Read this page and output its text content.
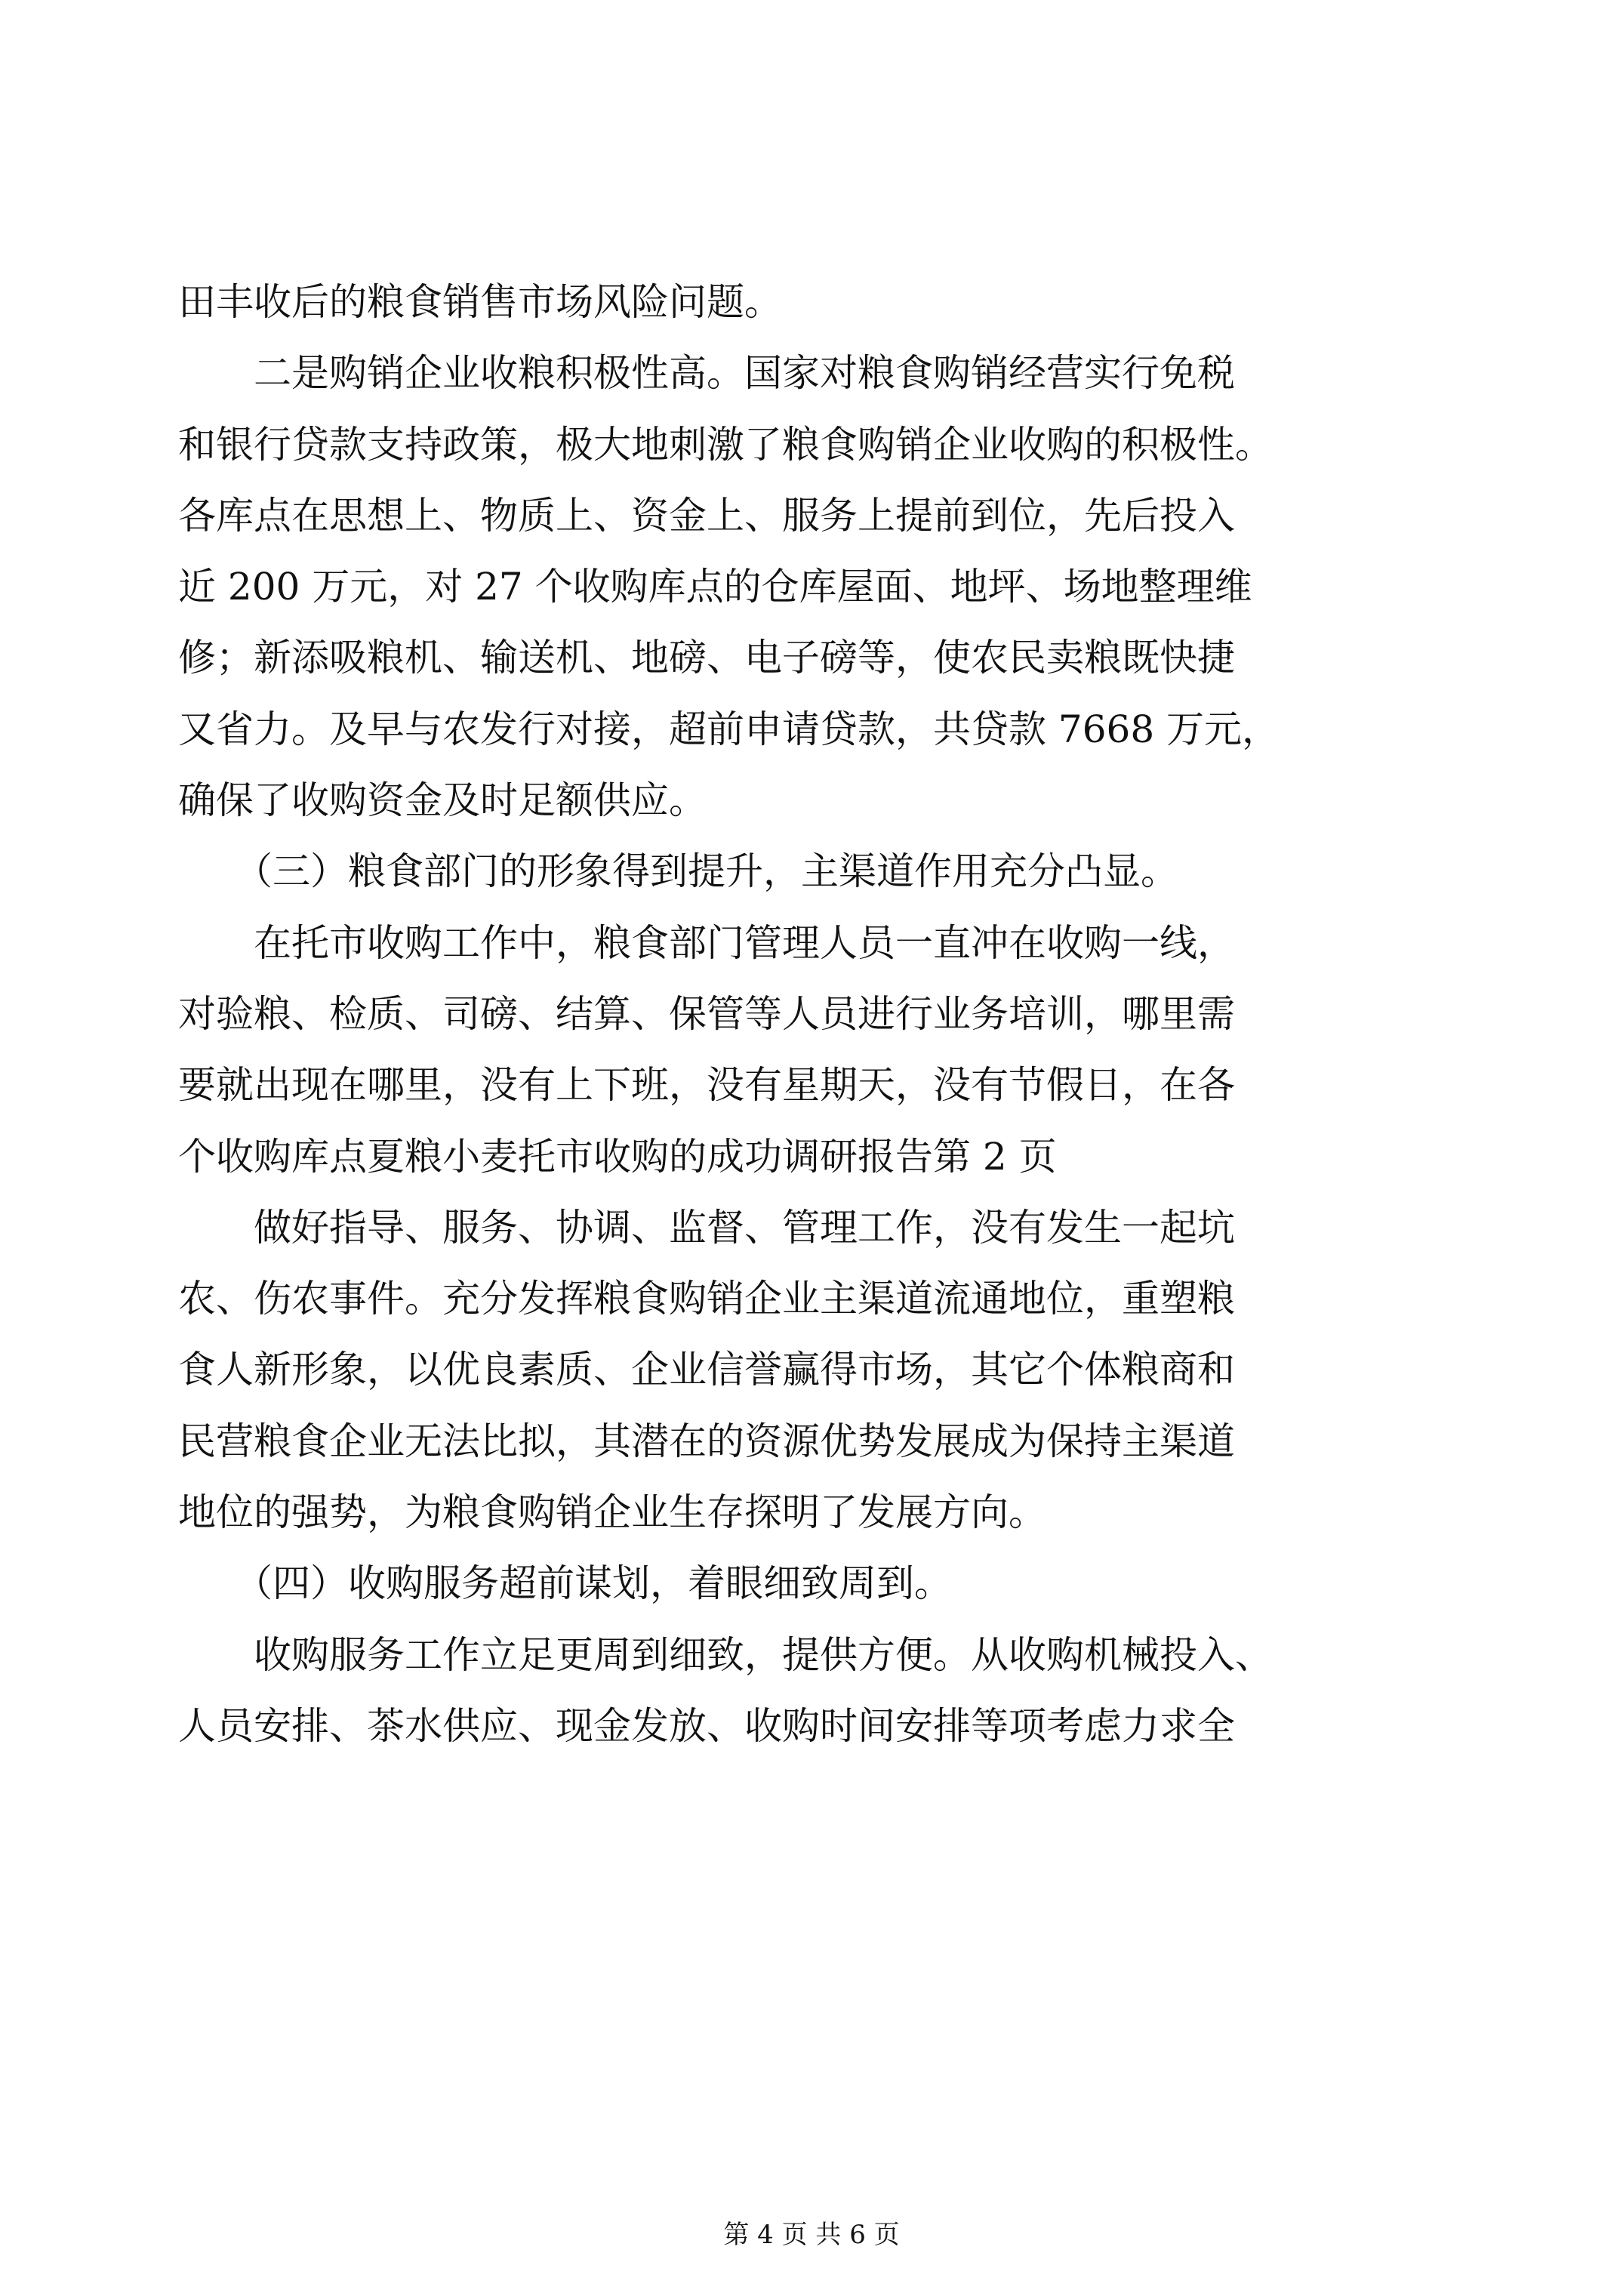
田丰收后的粮食销售市场风险问题。
　　二是购销企业收粮积极性高。国家对粮食购销经营实行免税
和银行贷款支持政策，极大地刺激了粮食购销企业收购的积极性。
各库点在思想上、物质上、资金上、服务上提前到位，先后投入
近 200 万元，对 27 个收购库点的仓库屋面、地坪、场地整理维
修；新添吸粮机、输送机、地磅、电子磅等，使农民卖粮既快捷
又省力。及早与农发行对接，超前申请贷款，共贷款 7668 万元，
确保了收购资金及时足额供应。
　　（三）粮食部门的形象得到提升，主渠道作用充分凸显。
　　在托市收购工作中，粮食部门管理人员一直冲在收购一线，
对验粮、检质、司磅、结算、保管等人员进行业务培训，哪里需
要就出现在哪里，没有上下班，没有星期天，没有节假日，在各
个收购库点夏粮小麦托市收购的成功调研报告第 2 页
　　做好指导、服务、协调、监督、管理工作，没有发生一起坑
农、伤农事件。充分发挥粮食购销企业主渠道流通地位，重塑粮
食人新形象，以优良素质、企业信誉赢得市场，其它个体粮商和
民营粮食企业无法比拟，其潜在的资源优势发展成为保持主渠道
地位的强势，为粮食购销企业生存探明了发展方向。
　　（四）收购服务超前谋划，着眼细致周到。
　　收购服务工作立足更周到细致，提供方便。从收购机械投入、
人员安排、茶水供应、现金发放、收购时间安排等项考虑力求全
第 4 页 共 6 页
